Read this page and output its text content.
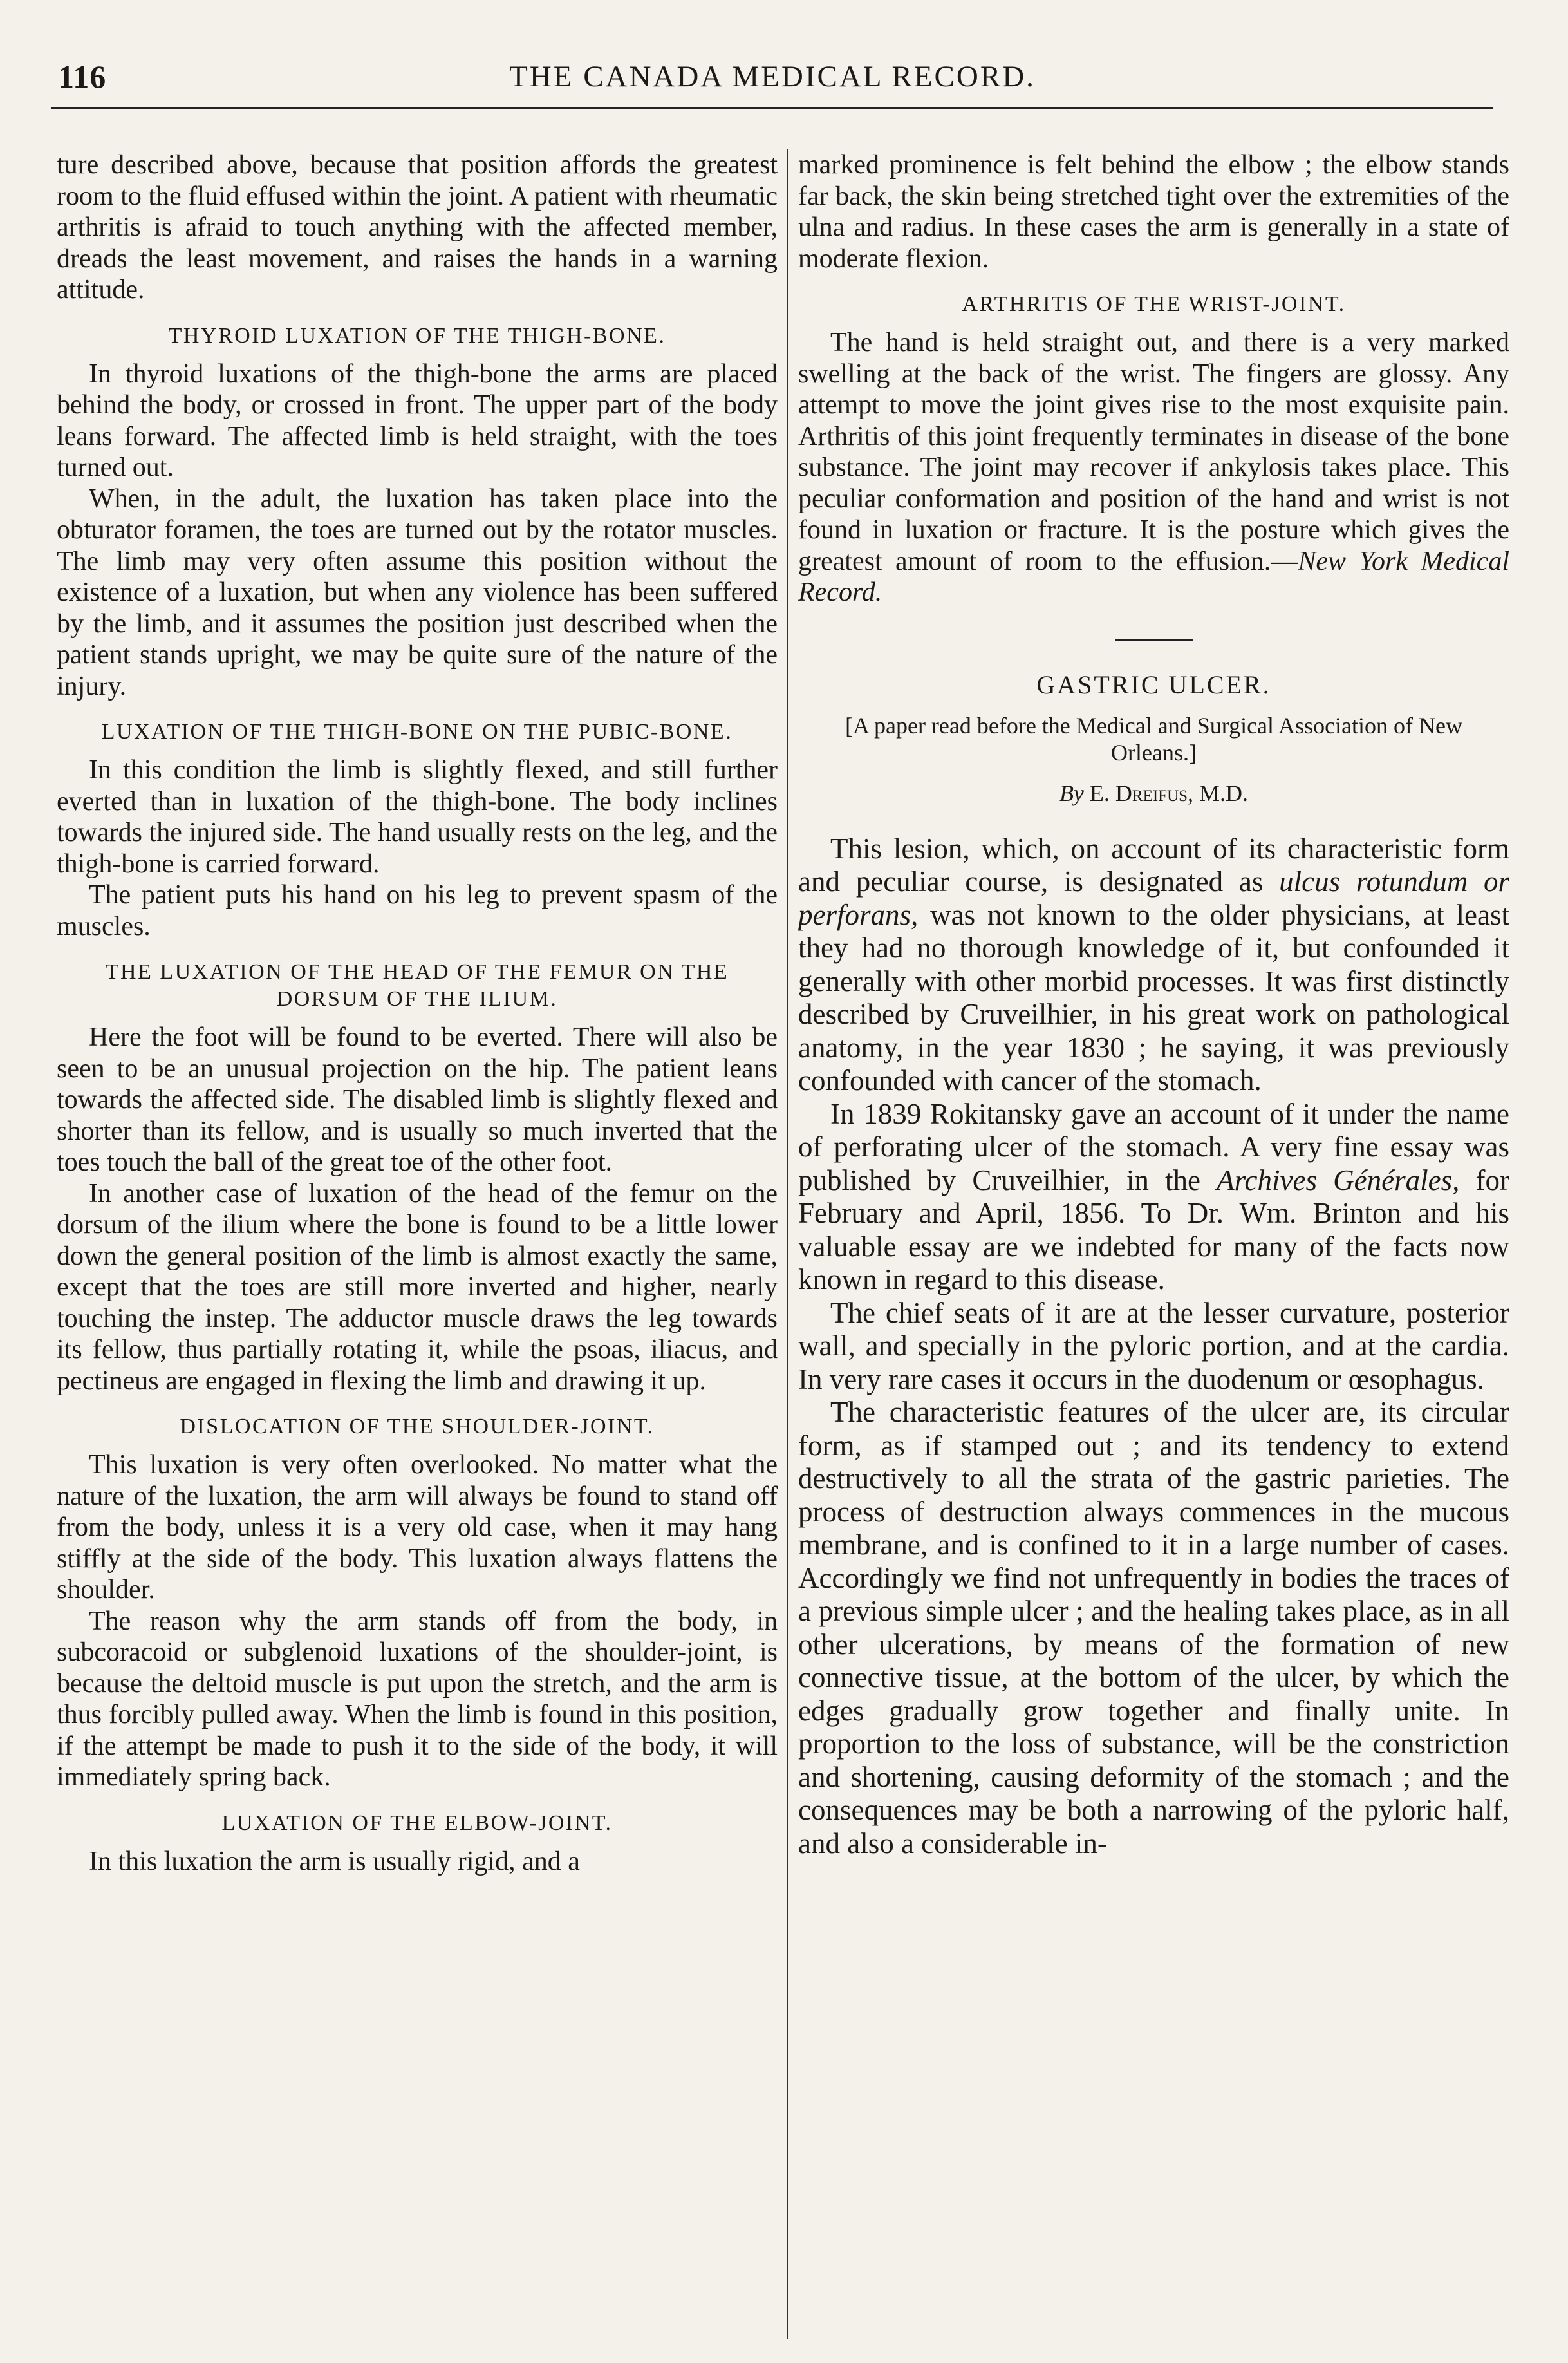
116	THE CANADA MEDICAL RECORD.

ture described above, because that position affords the greatest room to the fluid effused within the joint. A patient with rheumatic arthritis is afraid to touch anything with the affected member, dreads the least movement, and raises the hands in a warning attitude.

THYROID LUXATION OF THE THIGH-BONE.

In thyroid luxations of the thigh-bone the arms are placed behind the body, or crossed in front. The upper part of the body leans forward. The affected limb is held straight, with the toes turned out.

When, in the adult, the luxation has taken place into the obturator foramen, the toes are turned out by the rotator muscles. The limb may very often assume this position without the existence of a luxation, but when any violence has been suffered by the limb, and it assumes the position just described when the patient stands upright, we may be quite sure of the nature of the injury.

LUXATION OF THE THIGH-BONE ON THE PUBIC-BONE.

In this condition the limb is slightly flexed, and still further everted than in luxation of the thigh-bone. The body inclines towards the injured side. The hand usually rests on the leg, and the thigh-bone is carried forward.

The patient puts his hand on his leg to prevent spasm of the muscles.

THE LUXATION OF THE HEAD OF THE FEMUR ON THE DORSUM OF THE ILIUM.

Here the foot will be found to be everted. There will also be seen to be an unusual projection on the hip. The patient leans towards the affected side. The disabled limb is slightly flexed and shorter than its fellow, and is usually so much inverted that the toes touch the ball of the great toe of the other foot.

In another case of luxation of the head of the femur on the dorsum of the ilium where the bone is found to be a little lower down the general position of the limb is almost exactly the same, except that the toes are still more inverted and higher, nearly touching the instep. The adductor muscle draws the leg towards its fellow, thus partially rotating it, while the psoas, iliacus, and pectineus are engaged in flexing the limb and drawing it up.

DISLOCATION OF THE SHOULDER-JOINT.

This luxation is very often overlooked. No matter what the nature of the luxation, the arm will always be found to stand off from the body, unless it is a very old case, when it may hang stiffly at the side of the body. This luxation always flattens the shoulder.

The reason why the arm stands off from the body, in subcoracoid or subglenoid luxations of the shoulder-joint, is because the deltoid muscle is put upon the stretch, and the arm is thus forcibly pulled away. When the limb is found in this position, if the attempt be made to push it to the side of the body, it will immediately spring back.

LUXATION OF THE ELBOW-JOINT.

In this luxation the arm is usually rigid, and a

marked prominence is felt behind the elbow ; the elbow stands far back, the skin being stretched tight over the extremities of the ulna and radius. In these cases the arm is generally in a state of moderate flexion.

ARTHRITIS OF THE WRIST-JOINT.

The hand is held straight out, and there is a very marked swelling at the back of the wrist. The fingers are glossy. Any attempt to move the joint gives rise to the most exquisite pain. Arthritis of this joint frequently terminates in disease of the bone substance. The joint may recover if ankylosis takes place. This peculiar conformation and position of the hand and wrist is not found in luxation or fracture. It is the posture which gives the greatest amount of room to the effusion.—New York Medical Record.

GASTRIC ULCER.
[A paper read before the Medical and Surgical Association of New Orleans.]
By E. Dreifus, M.D.

This lesion, which, on account of its characteristic form and peculiar course, is designated as ulcus rotundum or perforans, was not known to the older physicians, at least they had no thorough knowledge of it, but confounded it generally with other morbid processes. It was first distinctly described by Cruveilhier, in his great work on pathological anatomy, in the year 1830 ; he saying, it was previously confounded with cancer of the stomach.

In 1839 Rokitansky gave an account of it under the name of perforating ulcer of the stomach. A very fine essay was published by Cruveilhier, in the Archives Générales, for February and April, 1856. To Dr. Wm. Brinton and his valuable essay are we indebted for many of the facts now known in regard to this disease.

The chief seats of it are at the lesser curvature, posterior wall, and specially in the pyloric portion, and at the cardia. In very rare cases it occurs in the duodenum or œsophagus.

The characteristic features of the ulcer are, its circular form, as if stamped out ; and its tendency to extend destructively to all the strata of the gastric parieties. The process of destruction always commences in the mucous membrane, and is confined to it in a large number of cases. Accordingly we find not unfrequently in bodies the traces of a previous simple ulcer ; and the healing takes place, as in all other ulcerations, by means of the formation of new connective tissue, at the bottom of the ulcer, by which the edges gradually grow together and finally unite. In proportion to the loss of substance, will be the constriction and shortening, causing deformity of the stomach ; and the consequences may be both a narrowing of the pyloric half, and also a considerable in-
